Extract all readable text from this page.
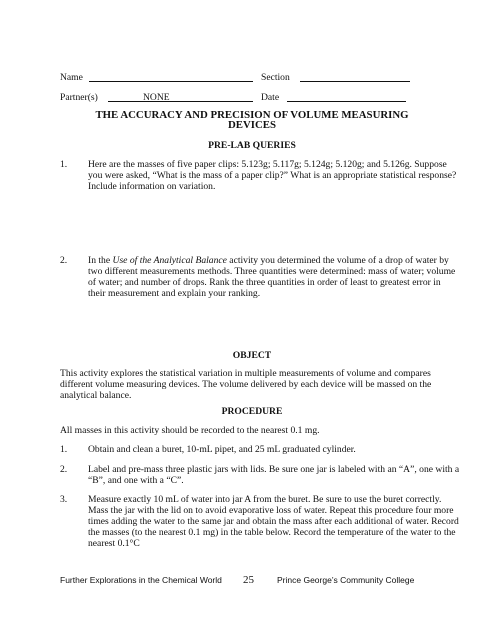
Name	Section
Partner(s)	NONE	Date
THE ACCURACY AND PRECISION OF VOLUME MEASURING
DEVICES
PRE-LAB QUERIES
1. Here are the masses of five paper clips: 5.123g; 5.117g; 5.124g; 5.120g; and 5.126g. Suppose you were asked, “What is the mass of a paper clip?” What is an appropriate statistical response? Include information on variation.
2. In the Use of the Analytical Balance activity you determined the volume of a drop of water by two different measurements methods. Three quantities were determined: mass of water; volume of water; and number of drops. Rank the three quantities in order of least to greatest error in their measurement and explain your ranking.
OBJECT
This activity explores the statistical variation in multiple measurements of volume and compares different volume measuring devices. The volume delivered by each device will be massed on the analytical balance.
PROCEDURE
All masses in this activity should be recorded to the nearest 0.1 mg.
1. Obtain and clean a buret, 10-mL pipet, and 25 mL graduated cylinder.
2. Label and pre-mass three plastic jars with lids. Be sure one jar is labeled with an “A”, one with a “B”, and one with a “C”.
3. Measure exactly 10 mL of water into jar A from the buret. Be sure to use the buret correctly. Mass the jar with the lid on to avoid evaporative loss of water. Repeat this procedure four more times adding the water to the same jar and obtain the mass after each additional of water. Record the masses (to the nearest 0.1 mg) in the table below. Record the temperature of the water to the nearest 0.1°C
Further Explorations in the Chemical World 25	Prince George’s Community College
